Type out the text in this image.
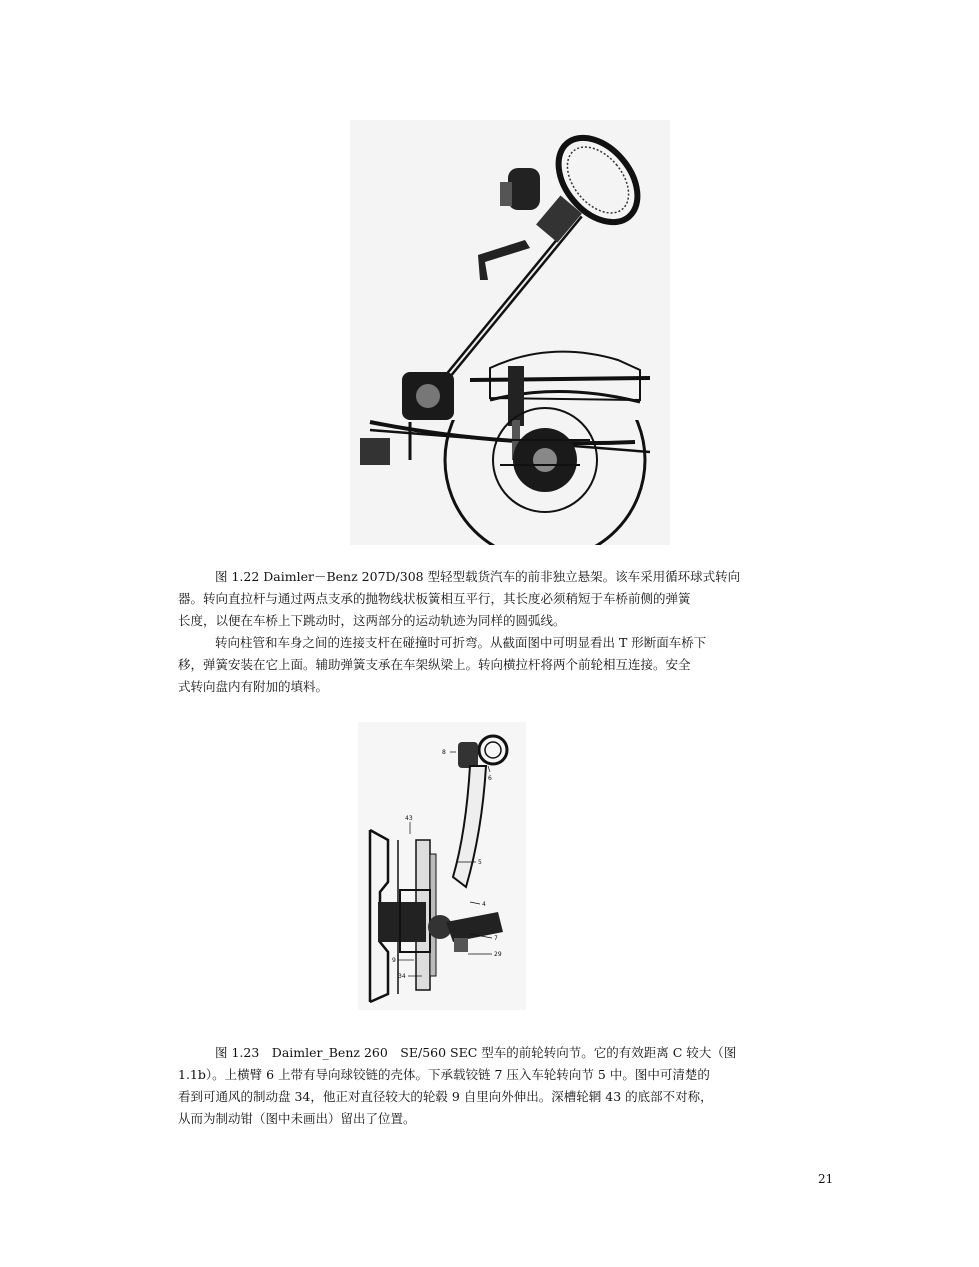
图 1.22 Daimler－Benz 207D/308 型轻型载货汽车的前非独立悬架。该车采用循环球式转向
器。转向直拉杆与通过两点支承的抛物线状板簧相互平行，其长度必须稍短于车桥前侧的弹簧
长度，以便在车桥上下跳动时，这两部分的运动轨迹为同样的圆弧线。

转向柱管和车身之间的连接支杆在碰撞时可折弯。从截面图中可明显看出 T 形断面车桥下
移，弹簧安装在它上面。辅助弹簧支承在车架纵梁上。转向横拉杆将两个前轮相互连接。安全
式转向盘内有附加的填料。

8
6
43
5
4
7
29
9
34

图 1.23　Daimler_Benz 260　SE/560 SEC 型车的前轮转向节。它的有效距离 C 较大（图
1.1b）。上横臂 6 上带有导向球铰链的壳体。下承载铰链 7 压入车轮转向节 5 中。图中可清楚的
看到可通风的制动盘 34，他正对直径较大的轮毂 9 自里向外伸出。深槽轮辋 43 的底部不对称，
从而为制动钳（图中未画出）留出了位置。

21
